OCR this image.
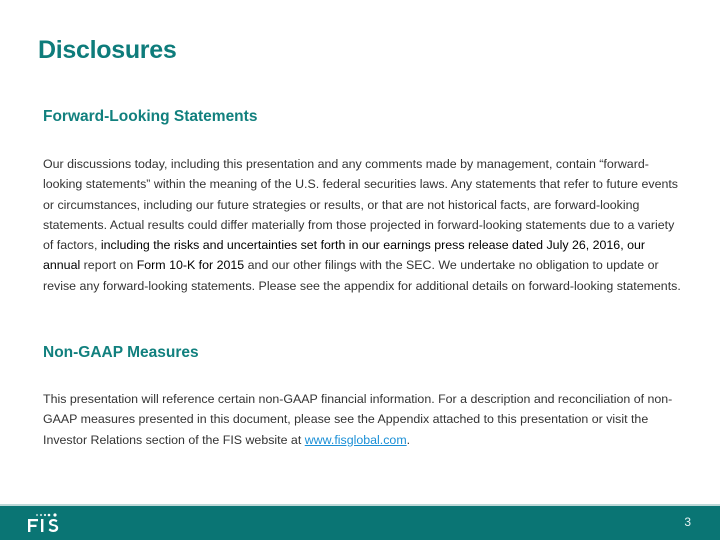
Disclosures
Forward-Looking Statements

Our discussions today, including this presentation and any comments made by management, contain “forward-looking statements” within the meaning of the U.S. federal securities laws. Any statements that refer to future events or circumstances, including our future strategies or results, or that are not historical facts, are forward-looking statements. Actual results could differ materially from those projected in forward-looking statements due to a variety of factors, including the risks and uncertainties set forth in our earnings press release dated July 26, 2016, our annual report on Form 10-K for 2015 and our other filings with the SEC. We undertake no obligation to update or revise any forward-looking statements. Please see the appendix for additional details on forward-looking statements.

Non-GAAP Measures

This presentation will reference certain non-GAAP financial information. For a description and reconciliation of non-GAAP measures presented in this document, please see the Appendix attached to this presentation or visit the Investor Relations section of the FIS website at www.fisglobal.com.

3
